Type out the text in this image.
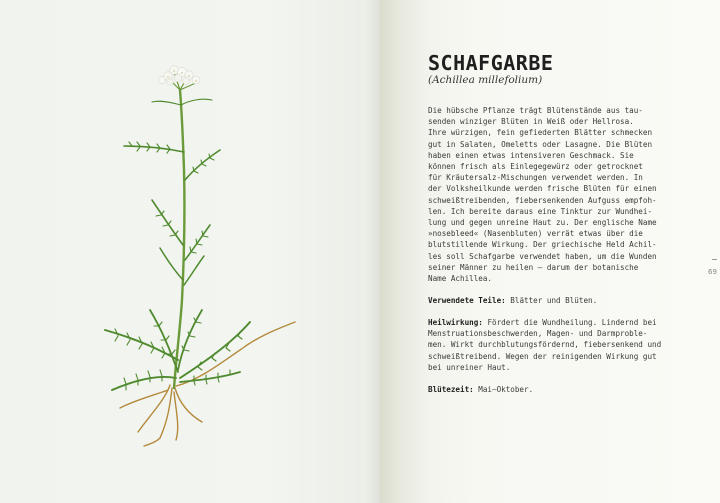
SCHAFGARBE

(Achillea millefolium)

Die hübsche Pflanze trägt Blütenstände aus tau-
senden winziger Blüten in Weiß oder Hellrosa.
Ihre würzigen, fein gefiederten Blätter schmecken
gut in Salaten, Omeletts oder Lasagne. Die Blüten
haben einen etwas intensiveren Geschmack. Sie
können frisch als Einlegegewürz oder getrocknet
für Kräutersalz-Mischungen verwendet werden. In
der Volksheilkunde werden frische Blüten für einen
schweißtreibenden, fiebersenkenden Aufguss empfoh-
len. Ich bereite daraus eine Tinktur zur Wundhei-
lung und gegen unreine Haut zu. Der englische Name
»nosebleed« (Nasenbluten) verrät etwas über die
blutstillende Wirkung. Der griechische Held Achil-
les soll Schafgarbe verwendet haben, um die Wunden
seiner Männer zu heilen – darum der botanische
Name Achillea.

Verwendete Teile: Blätter und Blüten.

Heilwirkung: Fördert die Wundheilung. Lindernd bei
Menstruationsbeschwerden, Magen- und Darmproble-
men. Wirkt durchblutungsfördernd, fiebersenkend und
schweißtreibend. Wegen der reinigenden Wirkung gut
bei unreiner Haut.

Blütezeit: Mai–Oktober.

69
